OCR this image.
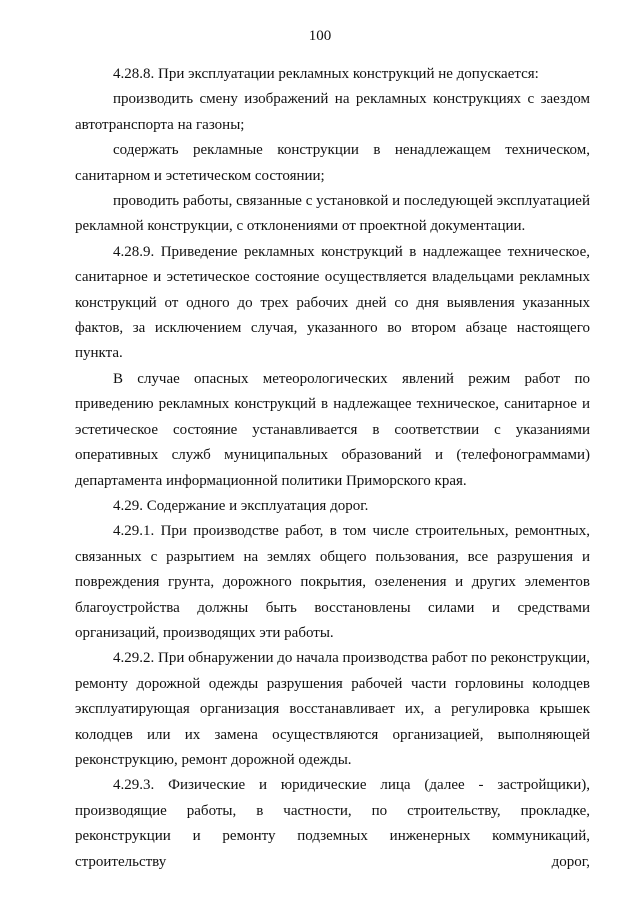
100

4.28.8. При эксплуатации рекламных конструкций не допускается:

производить смену изображений на рекламных конструкциях с заездом автотранспорта на газоны;

содержать рекламные конструкции в ненадлежащем техническом, санитарном и эстетическом состоянии;

проводить работы, связанные с установкой и последующей эксплуатацией рекламной конструкции, с отклонениями от проектной документации.

4.28.9. Приведение рекламных конструкций в надлежащее техническое, санитарное и эстетическое состояние осуществляется владельцами рекламных конструкций от одного до трех рабочих дней со дня выявления указанных фактов, за исключением случая, указанного во втором абзаце настоящего пункта.

В случае опасных метеорологических явлений режим работ по приведению рекламных конструкций в надлежащее техническое, санитарное и эстетическое состояние устанавливается в соответствии с указаниями оперативных служб муниципальных образований и (телефонограммами) департамента информационной политики Приморского края.

4.29. Содержание и эксплуатация дорог.

4.29.1. При производстве работ, в том числе строительных, ремонтных, связанных с разрытием на землях общего пользования, все разрушения и повреждения грунта, дорожного покрытия, озеленения и других элементов благоустройства должны быть восстановлены силами и средствами организаций, производящих эти работы.

4.29.2. При обнаружении до начала производства работ по реконструкции, ремонту дорожной одежды разрушения рабочей части горловины колодцев эксплуатирующая организация восстанавливает их, а регулировка крышек колодцев или их замена осуществляются организацией, выполняющей реконструкцию, ремонт дорожной одежды.

4.29.3. Физические и юридические лица (далее - застройщики), производящие работы, в частности, по строительству, прокладке, реконструкции и ремонту подземных инженерных коммуникаций, строительству дорог,
